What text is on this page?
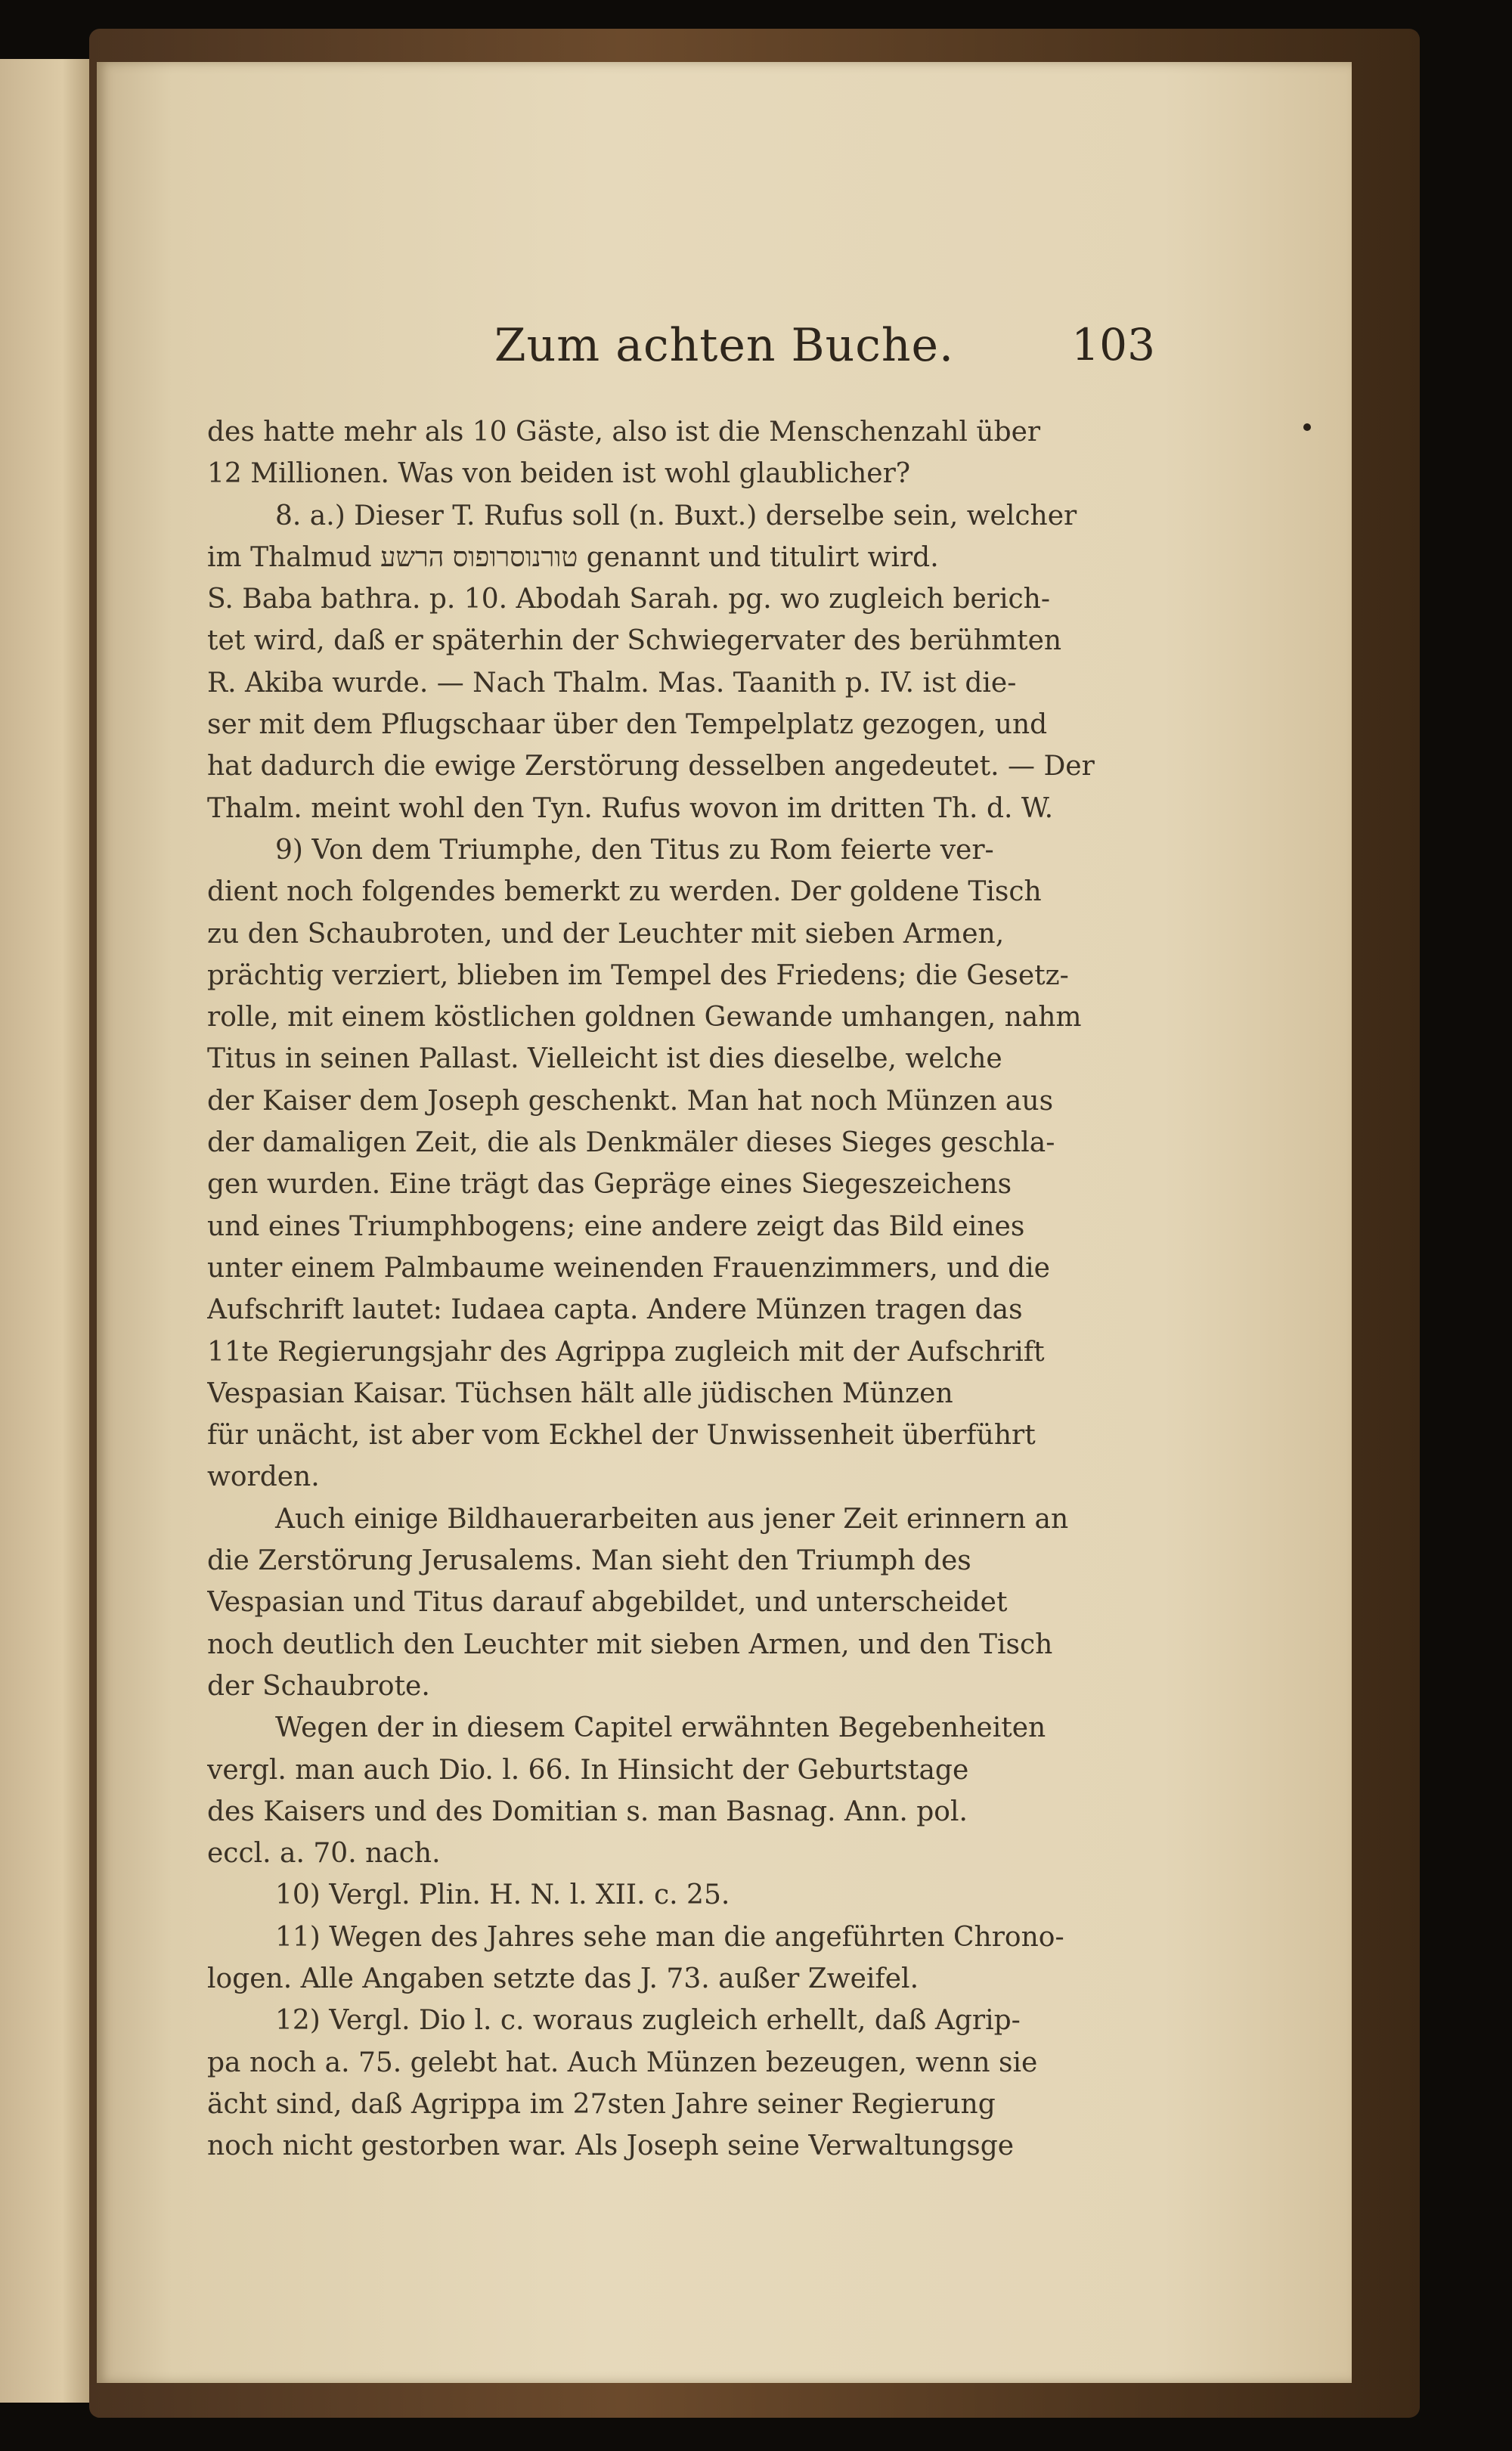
Zum achten Buche.	103
des hatte mehr als 10 Gäste, also ist die Menschenzahl über
12 Millionen. Was von beiden ist wohl glaublicher?
8. a.) Dieser T. Rufus soll (n. Buxt.) derselbe sein, welcher
im Thalmud טורנוסרופוס הרשע genannt und titulirt wird.
S. Baba bathra. p. 10. Abodah Sarah. pg. wo zugleich berich-
tet wird, daß er späterhin der Schwiegervater des berühmten
R. Akiba wurde. — Nach Thalm. Mas. Taanith p. IV. ist die-
ser mit dem Pflugschaar über den Tempelplatz gezogen, und
hat dadurch die ewige Zerstörung desselben angedeutet. — Der
Thalm. meint wohl den Tyn. Rufus wovon im dritten Th. d. W.
9) Von dem Triumphe, den Titus zu Rom feierte ver-
dient noch folgendes bemerkt zu werden. Der goldene Tisch
zu den Schaubroten, und der Leuchter mit sieben Armen,
prächtig verziert, blieben im Tempel des Friedens; die Gesetz-
rolle, mit einem köstlichen goldnen Gewande umhangen, nahm
Titus in seinen Pallast. Vielleicht ist dies dieselbe, welche
der Kaiser dem Joseph geschenkt. Man hat noch Münzen aus
der damaligen Zeit, die als Denkmäler dieses Sieges geschla-
gen wurden. Eine trägt das Gepräge eines Siegeszeichens
und eines Triumphbogens; eine andere zeigt das Bild eines
unter einem Palmbaume weinenden Frauenzimmers, und die
Aufschrift lautet: Iudaea capta. Andere Münzen tragen das
11te Regierungsjahr des Agrippa zugleich mit der Aufschrift
Vespasian Kaisar. Tüchsen hält alle jüdischen Münzen
für unächt, ist aber vom Eckhel der Unwissenheit überführt
worden.
Auch einige Bildhauerarbeiten aus jener Zeit erinnern an
die Zerstörung Jerusalems. Man sieht den Triumph des
Vespasian und Titus darauf abgebildet, und unterscheidet
noch deutlich den Leuchter mit sieben Armen, und den Tisch
der Schaubrote.
Wegen der in diesem Capitel erwähnten Begebenheiten
vergl. man auch Dio. l. 66. In Hinsicht der Geburtstage
des Kaisers und des Domitian s. man Basnag. Ann. pol.
eccl. a. 70. nach.
10) Vergl. Plin. H. N. l. XII. c. 25.
11) Wegen des Jahres sehe man die angeführten Chrono-
logen. Alle Angaben setzte das J. 73. außer Zweifel.
12) Vergl. Dio l. c. woraus zugleich erhellt, daß Agrip-
pa noch a. 75. gelebt hat. Auch Münzen bezeugen, wenn sie
ächt sind, daß Agrippa im 27sten Jahre seiner Regierung
noch nicht gestorben war. Als Joseph seine Verwaltungsge
